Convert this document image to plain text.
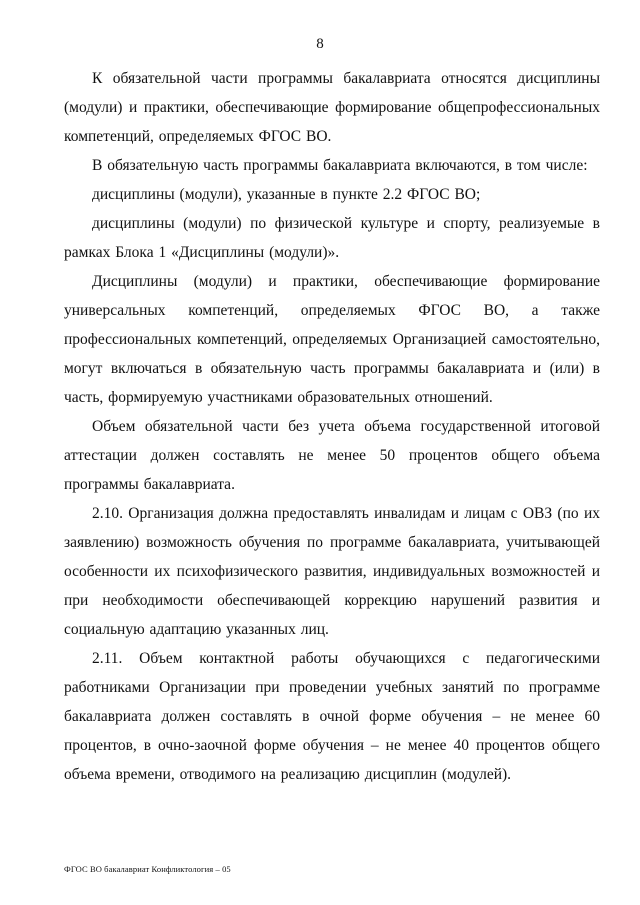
8

К обязательной части программы бакалавриата относятся дисциплины (модули) и практики, обеспечивающие формирование общепрофессиональных компетенций, определяемых ФГОС ВО.

В обязательную часть программы бакалавриата включаются, в том числе:

дисциплины (модули), указанные в пункте 2.2 ФГОС ВО;

дисциплины (модули) по физической культуре и спорту, реализуемые в рамках Блока 1 «Дисциплины (модули)».

Дисциплины (модули) и практики, обеспечивающие формирование универсальных компетенций, определяемых ФГОС ВО, а также профессиональных компетенций, определяемых Организацией самостоятельно, могут включаться в обязательную часть программы бакалавриата и (или) в часть, формируемую участниками образовательных отношений.

Объем обязательной части без учета объема государственной итоговой аттестации должен составлять не менее 50 процентов общего объема программы бакалавриата.

2.10. Организация должна предоставлять инвалидам и лицам с ОВЗ (по их заявлению) возможность обучения по программе бакалавриата, учитывающей особенности их психофизического развития, индивидуальных возможностей и при необходимости обеспечивающей коррекцию нарушений развития и социальную адаптацию указанных лиц.

2.11. Объем контактной работы обучающихся с педагогическими работниками Организации при проведении учебных занятий по программе бакалавриата должен составлять в очной форме обучения – не менее 60 процентов, в очно-заочной форме обучения – не менее 40 процентов общего объема времени, отводимого на реализацию дисциплин (модулей).

ФГОС ВО бакалавриат Конфликтология – 05
